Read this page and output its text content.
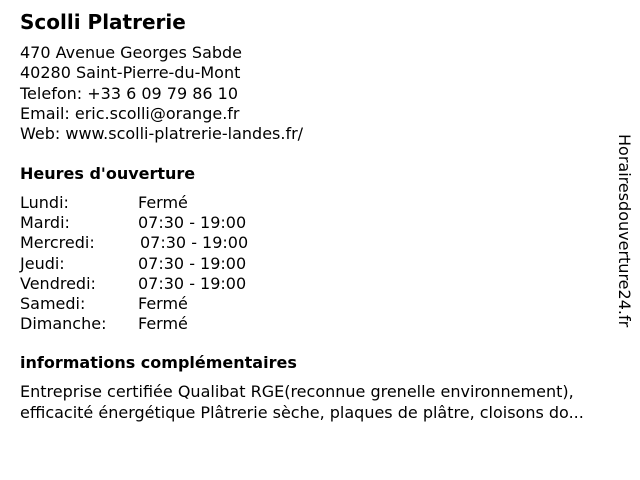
Scolli Platrerie
470 Avenue Georges Sabde
40280 Saint-Pierre-du-Mont
Telefon: +33 6 09 79 86 10
Email: eric.scolli@orange.fr
Web: www.scolli-platrerie-landes.fr/
Heures d'ouverture
Lundi:	Fermé
Mardi:	07:30 - 19:00
Mercredi:	07:30 - 19:00
Jeudi:	07:30 - 19:00
Vendredi:	07:30 - 19:00
Samedi:	Fermé
Dimanche: Fermé
informations complémentaires
Entreprise certifiée Qualibat RGE(reconnue grenelle environnement),
efficacité énergétique Plâtrerie sèche, plaques de plâtre, cloisons do...
Horairesdouverture24.fr
